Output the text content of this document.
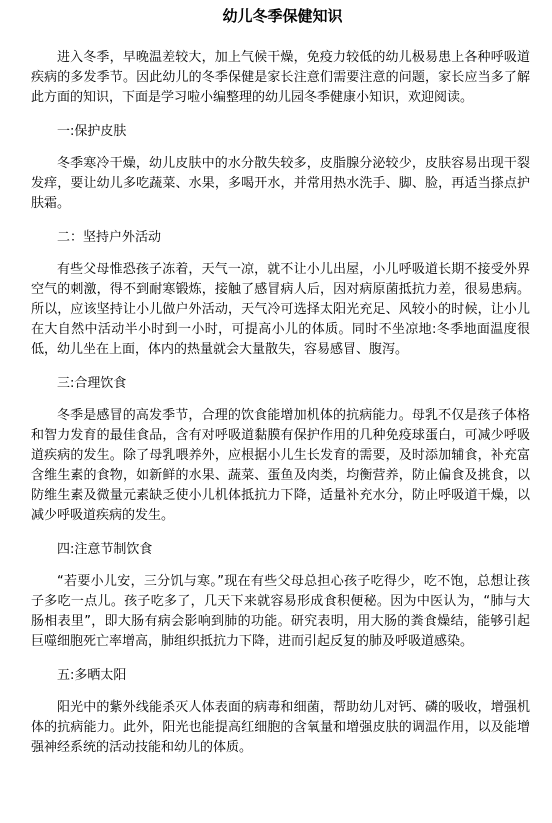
幼儿冬季保健知识

进入冬季，早晚温差较大，加上气候干燥，免疫力较低的幼儿极易患上各种呼吸道疾病的多发季节。因此幼儿的冬季保健是家长注意们需要注意的问题，家长应当多了解此方面的知识，下面是学习啦小编整理的幼儿园冬季健康小知识，欢迎阅读。

一:保护皮肤

冬季寒冷干燥，幼儿皮肤中的水分散失较多，皮脂腺分泌较少，皮肤容易出现干裂发痒，要让幼儿多吃蔬菜、水果，多喝开水，并常用热水洗手、脚、脸，再适当搽点护肤霜。

二：坚持户外活动

有些父母惟恐孩子冻着，天气一凉，就不让小儿出屋，小儿呼吸道长期不接受外界空气的刺激，得不到耐寒锻炼，接触了感冒病人后，因对病原菌抵抗力差，很易患病。所以，应该坚持让小儿做户外活动，天气冷可选择太阳光充足、风较小的时候，让小儿在大自然中活动半小时到一小时，可提高小儿的体质。同时不坐凉地:冬季地面温度很低，幼儿坐在上面，体内的热量就会大量散失，容易感冒、腹泻。

三:合理饮食

冬季是感冒的高发季节，合理的饮食能增加机体的抗病能力。母乳不仅是孩子体格和智力发育的最佳食品，含有对呼吸道黏膜有保护作用的几种免疫球蛋白，可减少呼吸道疾病的发生。除了母乳喂养外，应根据小儿生长发育的需要，及时添加辅食，补充富含维生素的食物，如新鲜的水果、蔬菜、蛋鱼及肉类，均衡营养，防止偏食及挑食，以防维生素及微量元素缺乏使小儿机体抵抗力下降，适量补充水分，防止呼吸道干燥，以减少呼吸道疾病的发生。

四:注意节制饮食

“若要小儿安，三分饥与寒。”现在有些父母总担心孩子吃得少，吃不饱，总想让孩子多吃一点儿。孩子吃多了，几天下来就容易形成食积便秘。因为中医认为，“肺与大肠相表里”，即大肠有病会影响到肺的功能。研究表明，用大肠的粪食燥结，能够引起巨噬细胞死亡率增高，肺组织抵抗力下降，进而引起反复的肺及呼吸道感染。

五:多晒太阳

阳光中的紫外线能杀灭人体表面的病毒和细菌，帮助幼儿对钙、磷的吸收，增强机体的抗病能力。此外，阳光也能提高红细胞的含氧量和增强皮肤的调温作用，以及能增强神经系统的活动技能和幼儿的体质。
